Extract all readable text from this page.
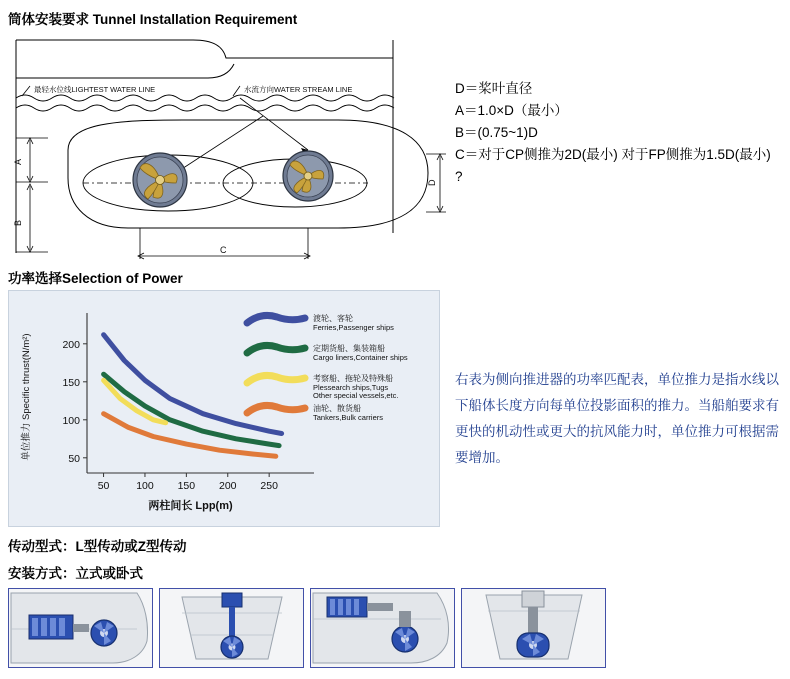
筒体安装要求 Tunnel Installation Requirement
最轻水位线LIGHTEST WATER LINE	水流方向WATER STREAM LINE
A
B
C
D
D＝桨叶直径
A＝1.0×D（最小）
B＝(0.75~1)D
C＝对于CP侧推为2D(最小) 对于FP侧推为1.5D(最小)
?
功率选择Selection of Power
50
100
150
200
50	100 150 200 250
单位推力 Specific thrust(N/m²)
两柱间长 Lpp(m)
渡轮、客轮
Ferries,Passenger ships
定期货船、集装箱船
Cargo liners,Container ships
考察船、拖轮及特殊船
Plessearch ships,Tugs
Other special vessels,etc.
油轮、散货船
Tankers,Bulk carriers
右表为侧向推进器的功率匹配表，单位推力是指水线以下船体长度方向每单位投影面积的推力。当船舶要求有更快的机动性或更大的抗风能力时，单位推力可根据需要增加。
传动型式：L型传动或Z型传动
安装方式：立式或卧式
